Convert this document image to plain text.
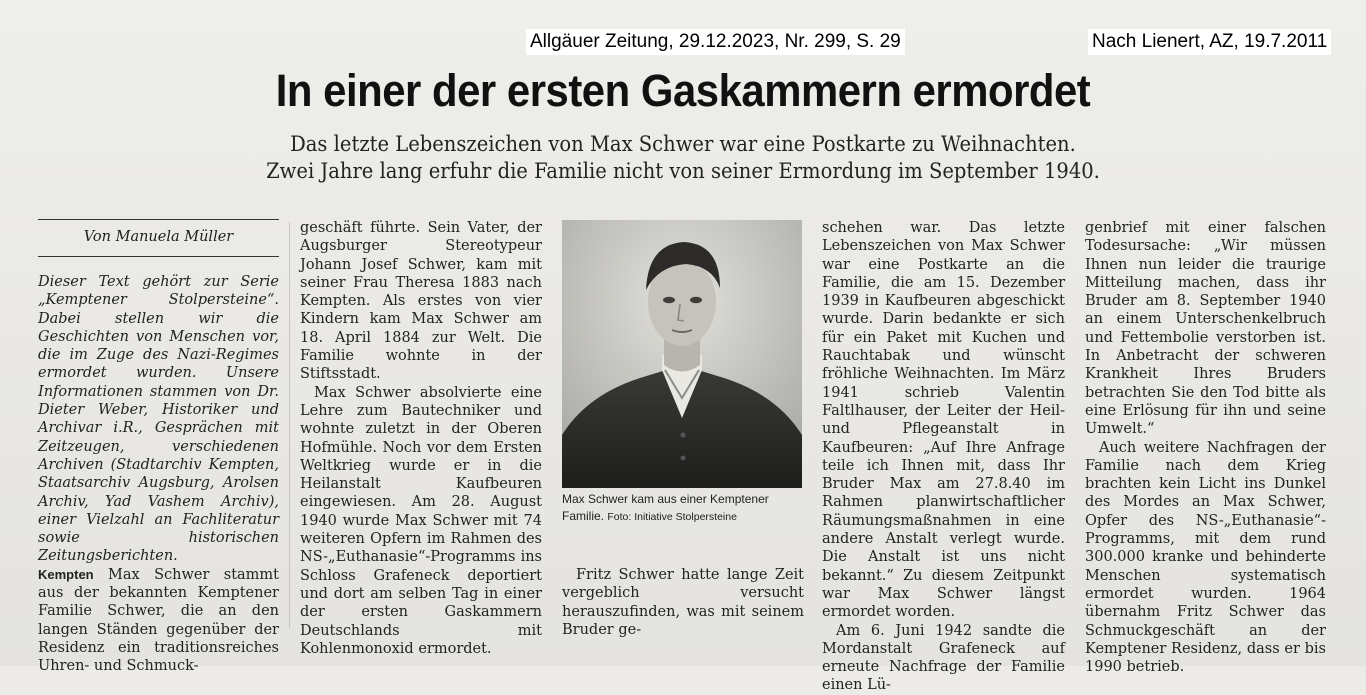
Allgäuer Zeitung, 29.12.2023, Nr. 299, S. 29	Nach Lienert, AZ, 19.7.2011
In einer der ersten Gaskammern ermordet
Das letzte Lebenszeichen von Max Schwer war eine Postkarte zu Weihnachten.
Zwei Jahre lang erfuhr die Familie nicht von seiner Ermordung im September 1940.
Von Manuela Müller

Dieser Text gehört zur Serie „Kemptener Stolpersteine“. Dabei stellen wir die Geschichten von Menschen vor, die im Zuge des Nazi-Regimes ermordet wurden. Unsere Informationen stammen von Dr. Dieter Weber, Historiker und Archivar i.R., Gesprächen mit Zeitzeugen, verschiedenen Archiven (Stadtarchiv Kempten, Staatsarchiv Augsburg, Arolsen Archiv, Yad Vashem Archiv), einer Vielzahl an Fachliteratur sowie historischen Zeitungsberichten.

Kempten Max Schwer stammt aus der bekannten Kemptener Familie Schwer, die an den langen Ständen gegenüber der Residenz ein traditionsreiches Uhren- und Schmuck-

geschäft führte. Sein Vater, der Augsburger Stereotypeur Johann Josef Schwer, kam mit seiner Frau Theresa 1883 nach Kempten. Als erstes von vier Kindern kam Max Schwer am 18. April 1884 zur Welt. Die Familie wohnte in der Stiftsstadt.

Max Schwer absolvierte eine Lehre zum Bautechniker und wohnte zuletzt in der Oberen Hofmühle. Noch vor dem Ersten Weltkrieg wurde er in die Heilanstalt Kaufbeuren eingewiesen. Am 28. August 1940 wurde Max Schwer mit 74 weiteren Opfern im Rahmen des NS-„Euthanasie“-Programms ins Schloss Grafeneck deportiert und dort am selben Tag in einer der ersten Gaskammern Deutschlands mit Kohlenmonoxid ermordet.

Max Schwer kam aus einer Kemptener Familie. Foto: Initiative Stolpersteine

Fritz Schwer hatte lange Zeit vergeblich versucht herauszufinden, was mit seinem Bruder ge-

schehen war. Das letzte Lebenszeichen von Max Schwer war eine Postkarte an die Familie, die am 15. Dezember 1939 in Kaufbeuren abgeschickt wurde. Darin bedankte er sich für ein Paket mit Kuchen und Rauchtabak und wünscht fröhliche Weihnachten. Im März 1941 schrieb Valentin Faltlhauser, der Leiter der Heil- und Pflegeanstalt in Kaufbeuren: „Auf Ihre Anfrage teile ich Ihnen mit, dass Ihr Bruder Max am 27.8.40 im Rahmen planwirtschaftlicher Räumungsmaßnahmen in eine andere Anstalt verlegt wurde. Die Anstalt ist uns nicht bekannt.“ Zu diesem Zeitpunkt war Max Schwer längst ermordet worden.

Am 6. Juni 1942 sandte die Mordanstalt Grafeneck auf erneute Nachfrage der Familie einen Lü-

genbrief mit einer falschen Todesursache: „Wir müssen Ihnen nun leider die traurige Mitteilung machen, dass ihr Bruder am 8. September 1940 an einem Unterschenkelbruch und Fettembolie verstorben ist. In Anbetracht der schweren Krankheit Ihres Bruders betrachten Sie den Tod bitte als eine Erlösung für ihn und seine Umwelt.“

Auch weitere Nachfragen der Familie nach dem Krieg brachten kein Licht ins Dunkel des Mordes an Max Schwer, Opfer des NS-„Euthanasie“-Programms, mit dem rund 300.000 kranke und behinderte Menschen systematisch ermordet wurden. 1964 übernahm Fritz Schwer das Schmuckgeschäft an der Kemptener Residenz, dass er bis 1990 betrieb.
